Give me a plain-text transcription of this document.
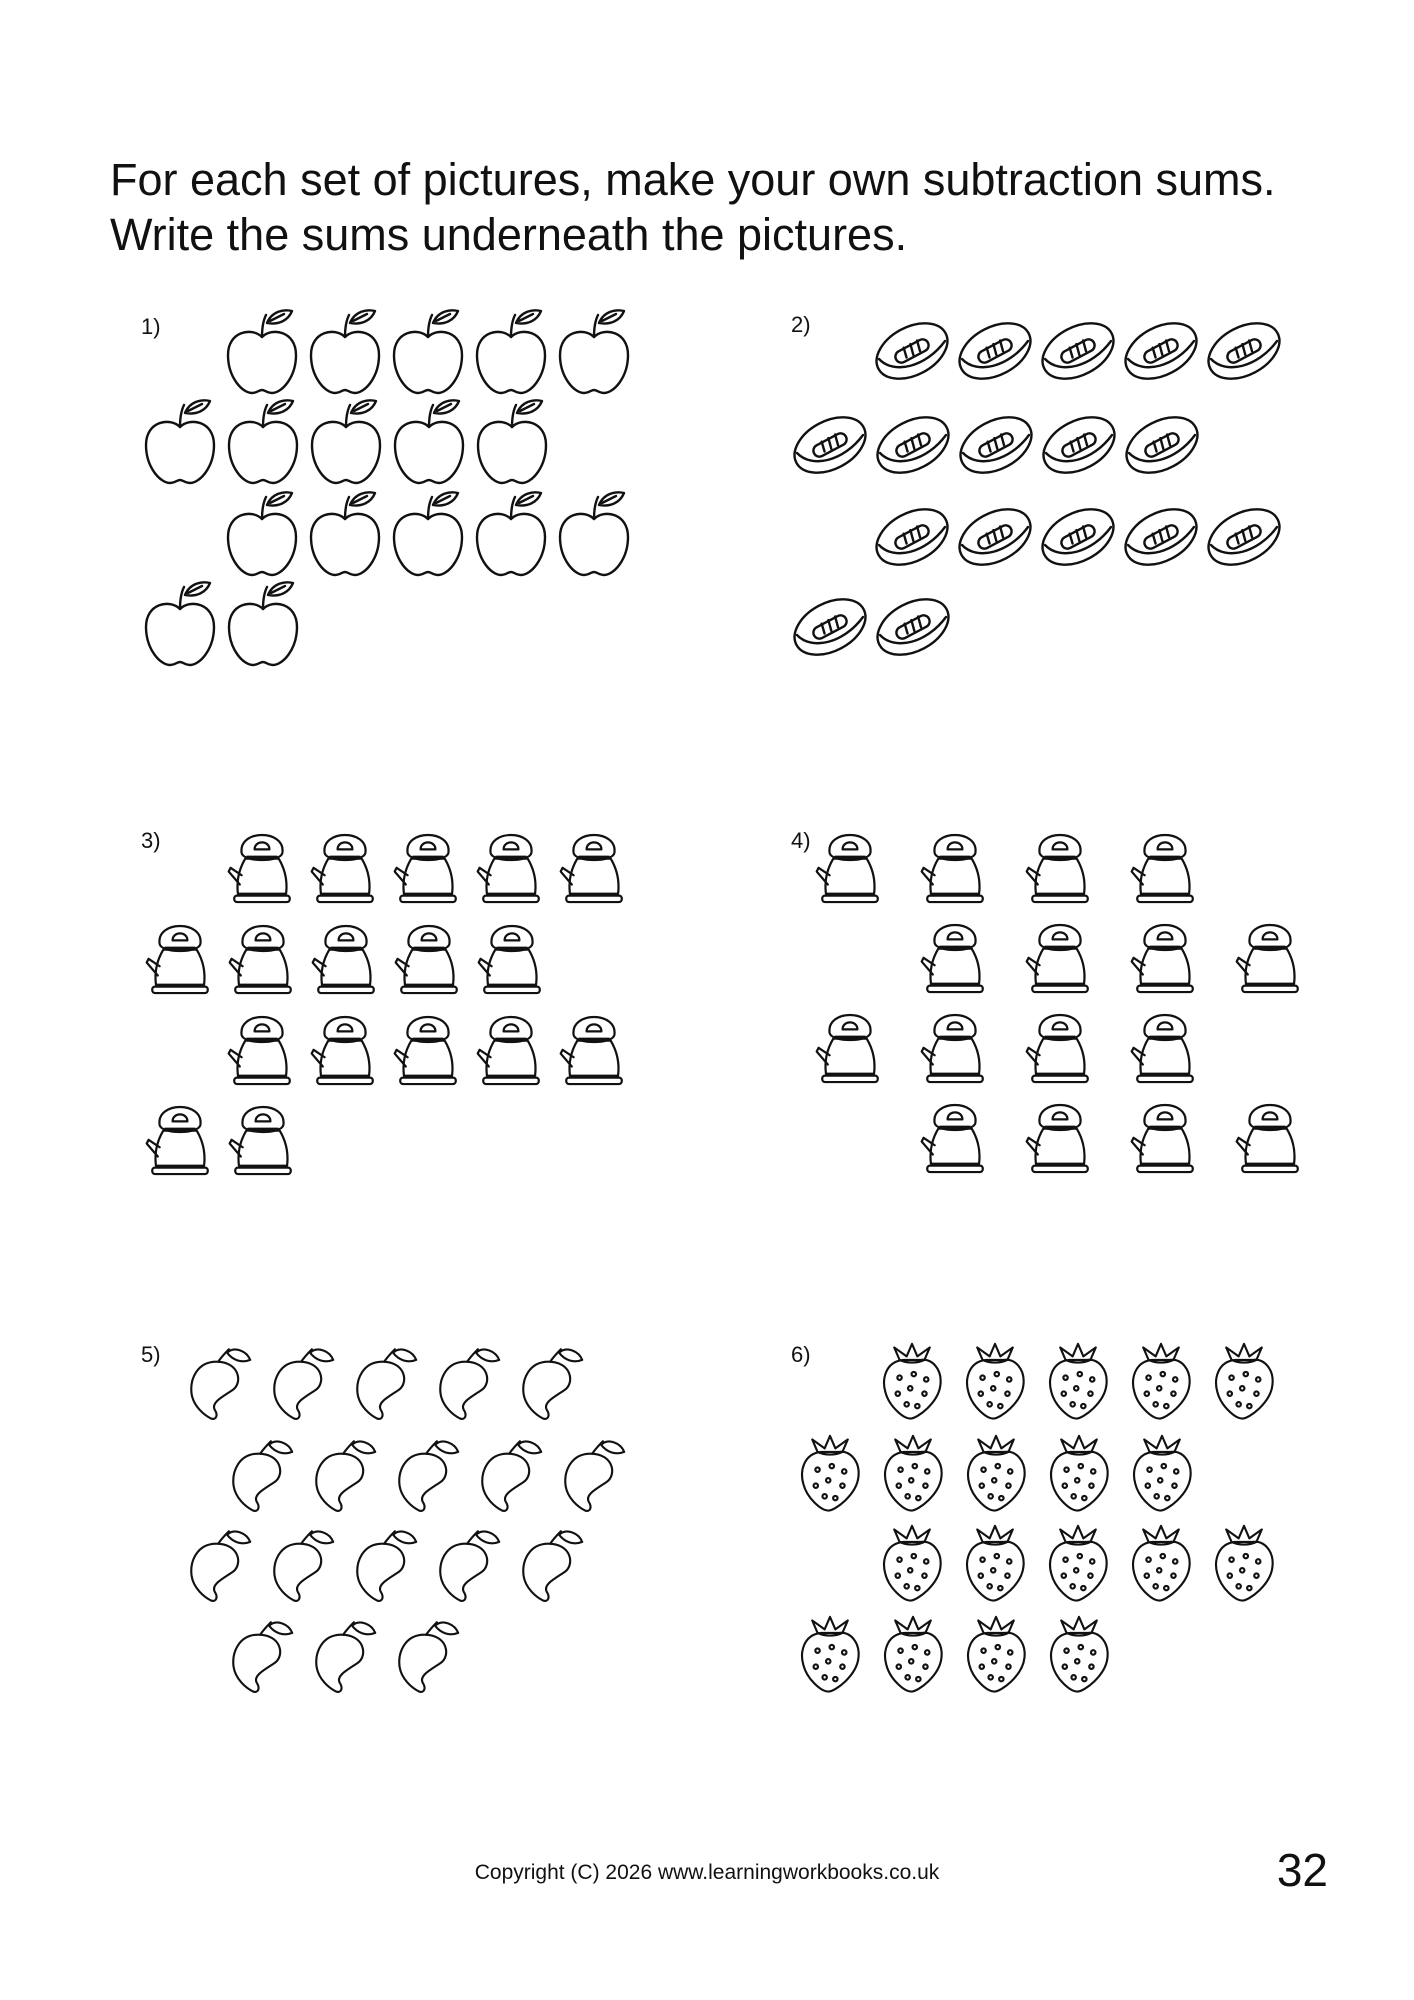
For each set of pictures, make your own subtraction sums.
Write the sums underneath the pictures.
1)	2)
3)	4)
5)	6)
Copyright (C) 2026 www.learningworkbooks.co.uk	32
